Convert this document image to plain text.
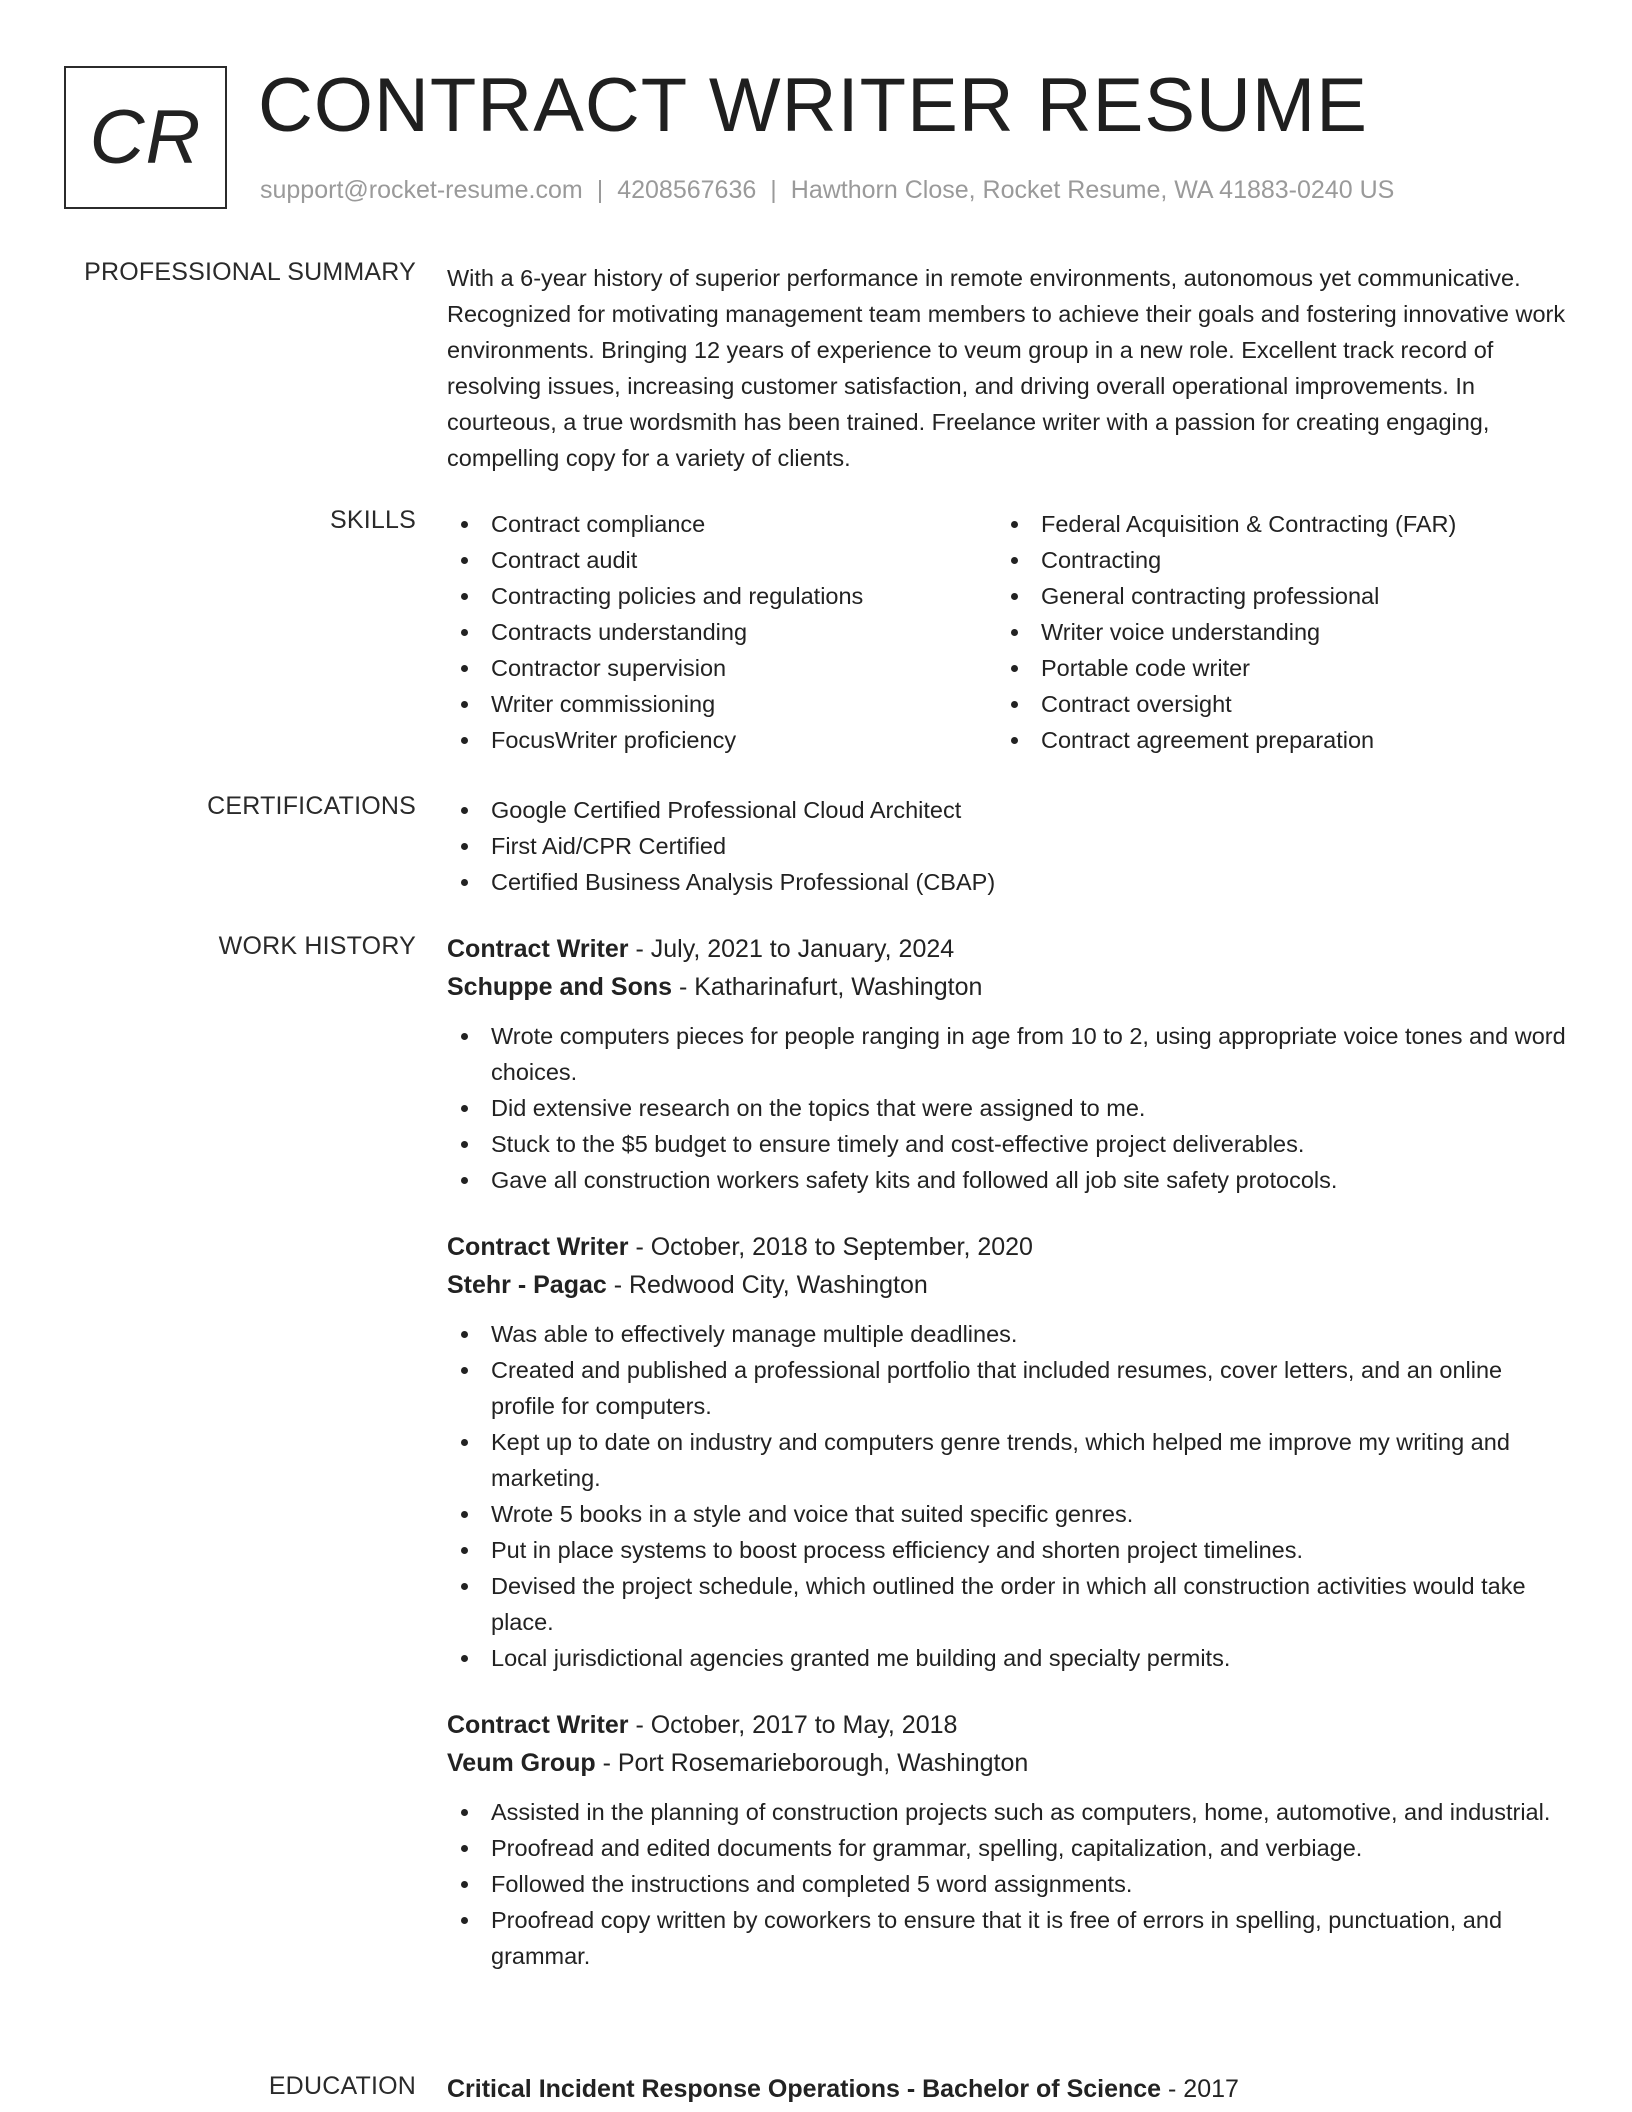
CR CONTRACT WRITER RESUME
support@rocket-resume.com | 4208567636 | Hawthorn Close, Rocket Resume, WA 41883-0240 US
PROFESSIONAL SUMMARY With a 6-year history of superior performance in remote environments, autonomous yet communicative. Recognized for motivating management team members to achieve their goals and fostering innovative work environments. Bringing 12 years of experience to veum group in a new role. Excellent track record of resolving issues, increasing customer satisfaction, and driving overall operational improvements. In courteous, a true wordsmith has been trained. Freelance writer with a passion for creating engaging, compelling copy for a variety of clients.
SKILLS	Contract compliance
Contract audit
Contracting policies and regulations
Contracts understanding
Contractor supervision
Writer commissioning
FocusWriter proficiency
Federal Acquisition & Contracting (FAR)
Contracting
General contracting professional
Writer voice understanding
Portable code writer
Contract oversight
Contract agreement preparation
CERTIFICATIONS	Google Certified Professional Cloud Architect
First Aid/CPR Certified
Certified Business Analysis Professional (CBAP)
WORK HISTORY Contract Writer - July, 2021 to January, 2024
Schuppe and Sons - Katharinafurt, Washington
Wrote computers pieces for people ranging in age from 10 to 2, using appropriate voice tones and word choices.
Did extensive research on the topics that were assigned to me.
Stuck to the $5 budget to ensure timely and cost-effective project deliverables.
Gave all construction workers safety kits and followed all job site safety protocols.
Contract Writer - October, 2018 to September, 2020
Stehr - Pagac - Redwood City, Washington
Was able to effectively manage multiple deadlines.
Created and published a professional portfolio that included resumes, cover letters, and an online profile for computers.
Kept up to date on industry and computers genre trends, which helped me improve my writing and marketing.
Wrote 5 books in a style and voice that suited specific genres.
Put in place systems to boost process efficiency and shorten project timelines.
Devised the project schedule, which outlined the order in which all construction activities would take place.
Local jurisdictional agencies granted me building and specialty permits.
Contract Writer - October, 2017 to May, 2018
Veum Group - Port Rosemarieborough, Washington
Assisted in the planning of construction projects such as computers, home, automotive, and industrial.
Proofread and edited documents for grammar, spelling, capitalization, and verbiage.
Followed the instructions and completed 5 word assignments.
Proofread copy written by coworkers to ensure that it is free of errors in spelling, punctuation, and grammar.
EDUCATION Critical Incident Response Operations - Bachelor of Science - 2017
